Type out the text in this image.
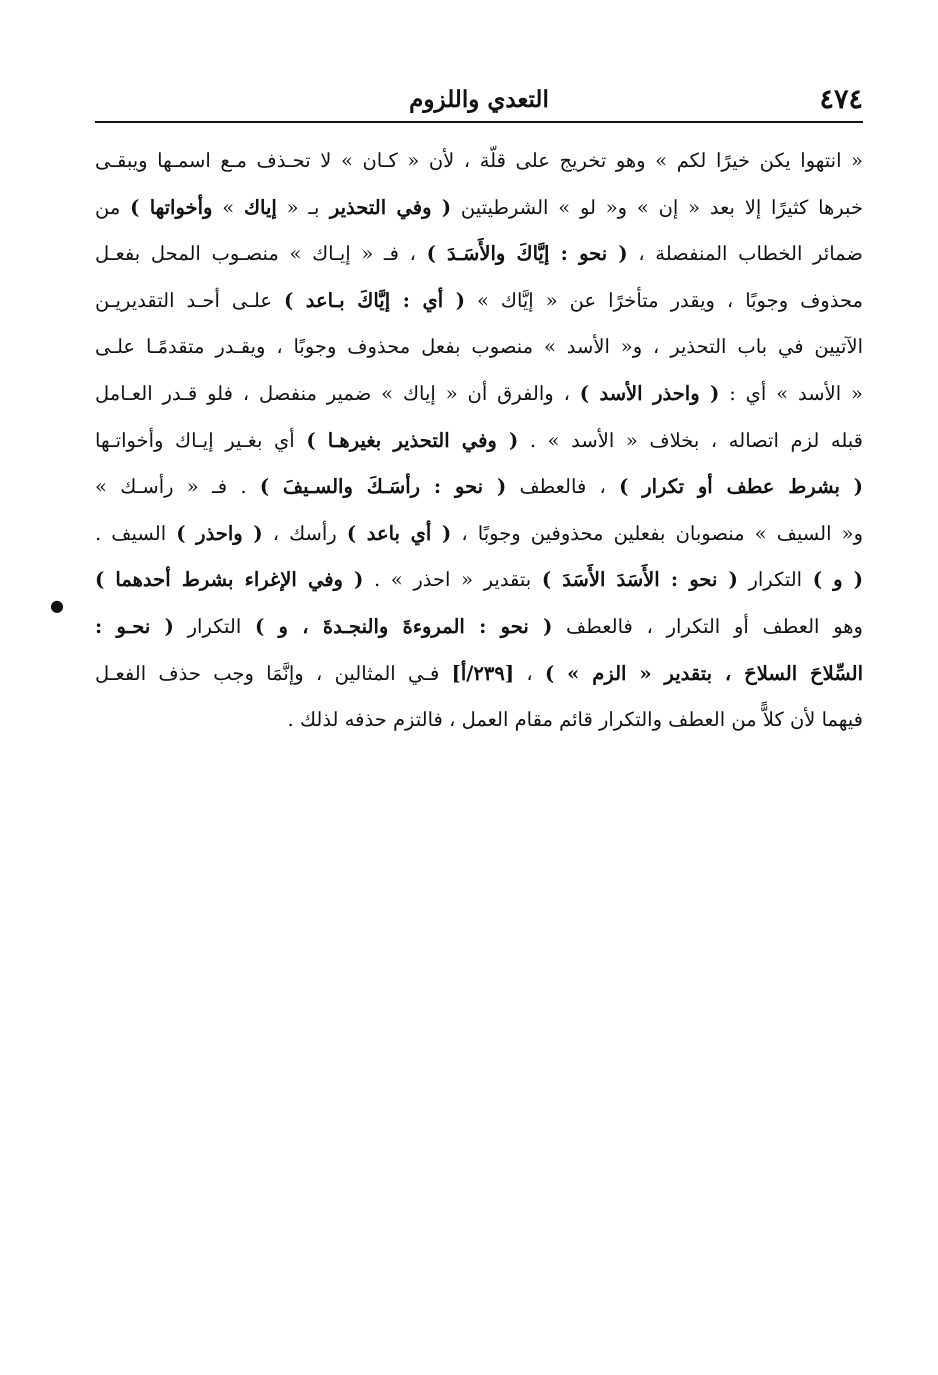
٤٧٤
التعدي واللزوم
« انتهوا يكن خيرًا لكم » وهو تخريج على قلّة ، لأن « كـان » لا تحـذف مـع اسمـها ويبقـى
خبرها كثيرًا إلا بعد « إن » و« لو » الشرطيتين ( وفي التحذير بـ « إياك » وأخواتها ) من
ضمائر الخطاب المنفصلة ، ( نحو : إيَّاكَ والأَسَـدَ ) ، فـ « إيـاك » منصـوب المحل بفعـل
محذوف وجوبًا ، ويقدر متأخرًا عن « إيَّاك » ( أي : إيَّاكَ بـاعد ) علـى أحـد التقديريـن
الآتيين في باب التحذير ، و« الأسد » منصوب بفعل محذوف وجوبًا ، ويقـدر متقدمًـا علـى
« الأسد » أي : ( واحذر الأسد ) ، والفرق أن « إياك » ضمير منفصل ، فلو قـدر العـامل
قبله لزم اتصاله ، بخلاف « الأسد » . ( وفي التحذير بغيرهـا ) أي بغـير إيـاك وأخواتـها
( بشرط عطف أو تكرار ) ، فالعطف ( نحو : رأسَـكَ والسـيفَ ) . فـ « رأسـك »
و« السيف » منصوبان بفعلين محذوفين وجوبًا ، ( أي باعد ) رأسك ، ( واحذر ) السيف .
( و ) التكرار ( نحو : الأَسَدَ الأَسَدَ ) بتقدير « احذر » . ( وفي الإغراء بشرط أحدهما )
وهو العطف أو التكرار ، فالعطف ( نحو : المروءةَ والنجـدةَ ، و ) التكرار ( نحـو :
السِّلاحَ السلاحَ ، بتقدير « الزم » ) ، [٢٣٩/أ] فـي المثالين ، وإنَّمَا وجب حذف الفعـل
فيهما لأن كلاًّ من العطف والتكرار قائم مقام العمل ، فالتزم حذفه لذلك .
●
